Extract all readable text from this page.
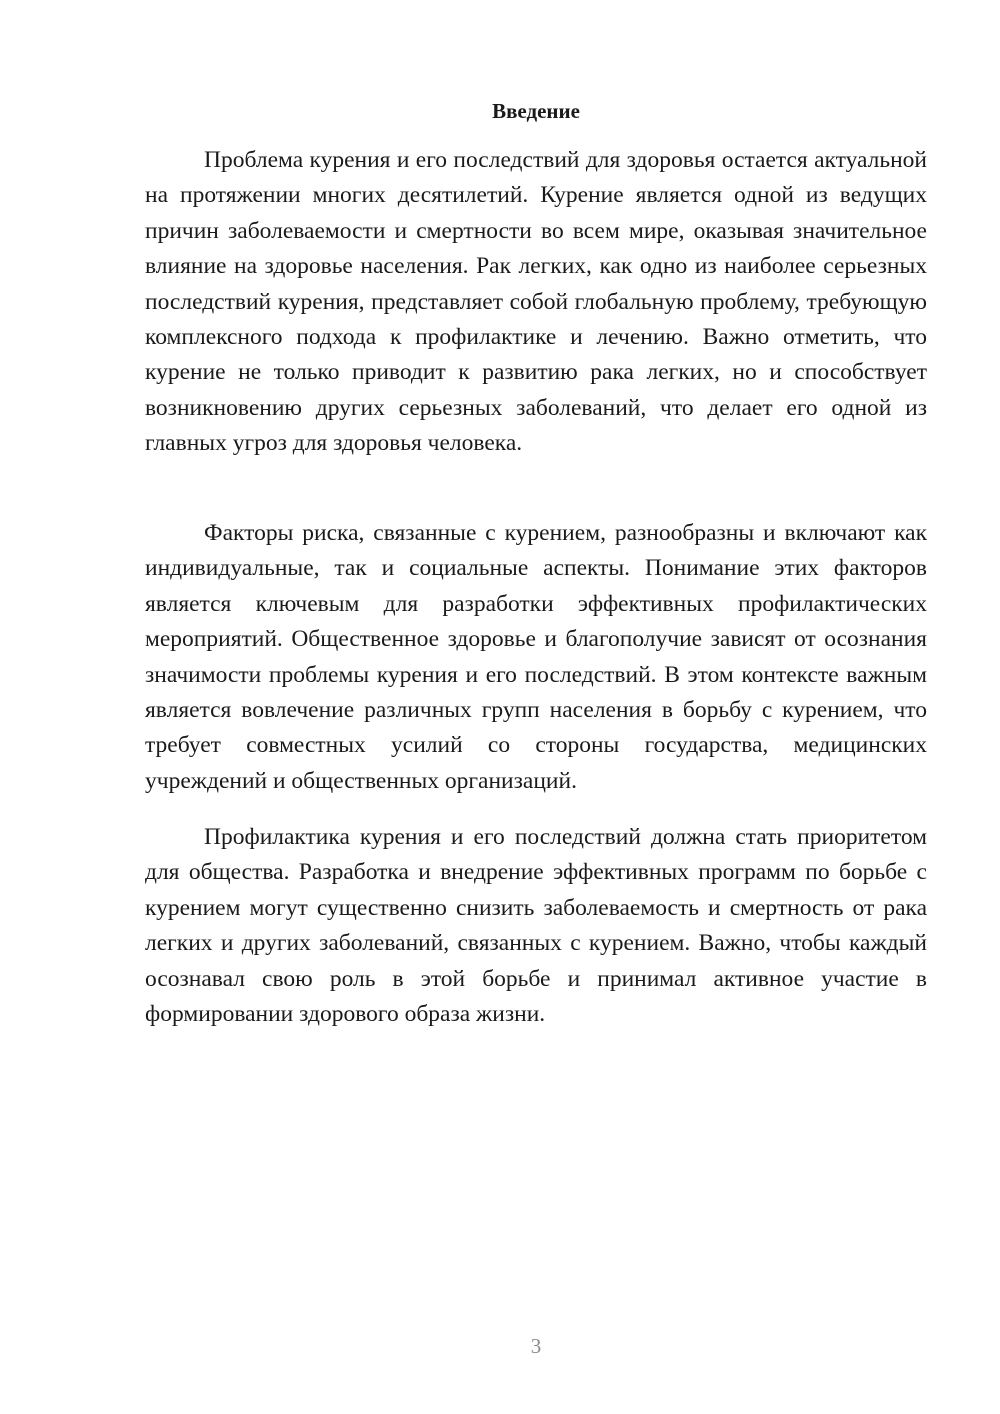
Введение

Проблема курения и его последствий для здоровья остается актуальной на протяжении многих десятилетий. Курение является одной из ведущих причин заболеваемости и смертности во всем мире, оказывая значительное влияние на здоровье населения. Рак легких, как одно из наиболее серьезных последствий курения, представляет собой глобальную проблему, требующую комплексного подхода к профилактике и лечению. Важно отметить, что курение не только приводит к развитию рака легких, но и способствует возникновению других серьезных заболеваний, что делает его одной из главных угроз для здоровья человека.

Факторы риска, связанные с курением, разнообразны и включают как индивидуальные, так и социальные аспекты. Понимание этих факторов является ключевым для разработки эффективных профилактических мероприятий. Общественное здоровье и благополучие зависят от осознания значимости проблемы курения и его последствий. В этом контексте важным является вовлечение различных групп населения в борьбу с курением, что требует совместных усилий со стороны государства, медицинских учреждений и общественных организаций.

Профилактика курения и его последствий должна стать приоритетом для общества. Разработка и внедрение эффективных программ по борьбе с курением могут существенно снизить заболеваемость и смертность от рака легких и других заболеваний, связанных с курением. Важно, чтобы каждый осознавал свою роль в этой борьбе и принимал активное участие в формировании здорового образа жизни.

3
